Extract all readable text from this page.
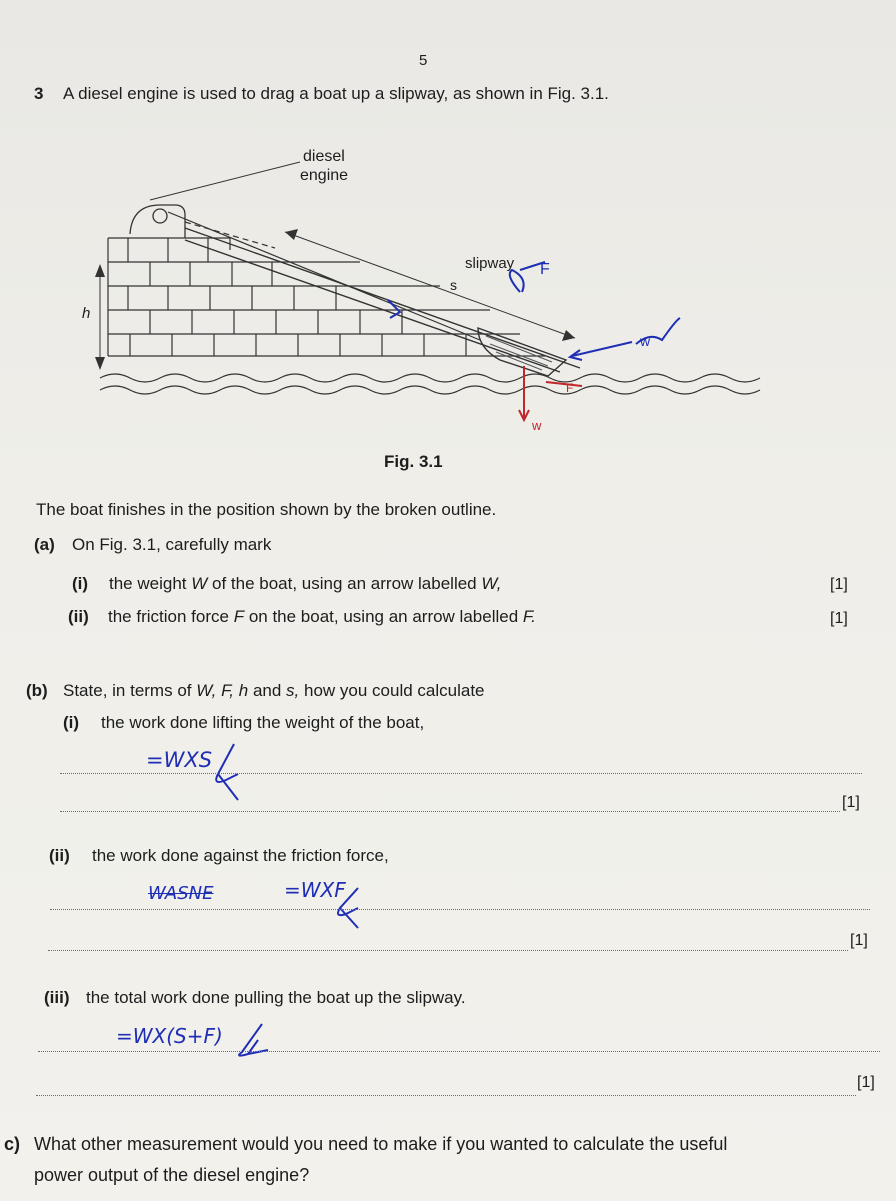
5
3 A diesel engine is used to drag a boat up a slipway, as shown in Fig. 3.1.
diesel
engine
slipway
s
h
F
w
F
w
Fig. 3.1
The boat finishes in the position shown by the broken outline.
(a) On Fig. 3.1, carefully mark
(i) the weight W of the boat, using an arrow labelled W,	[1]
(ii) the friction force F on the boat, using an arrow labelled F.	[1]
(b) State, in terms of W, F, h and s, how you could calculate
(i) the work done lifting the weight of the boat,
=WXS
[1]
(ii) the work done against the friction force,
WASNE	=WXF
[1]
(iii) the total work done pulling the boat up the slipway.
=WX(S+F)
[1]
c) What other measurement would you need to make if you wanted to calculate the useful
power output of the diesel engine?
